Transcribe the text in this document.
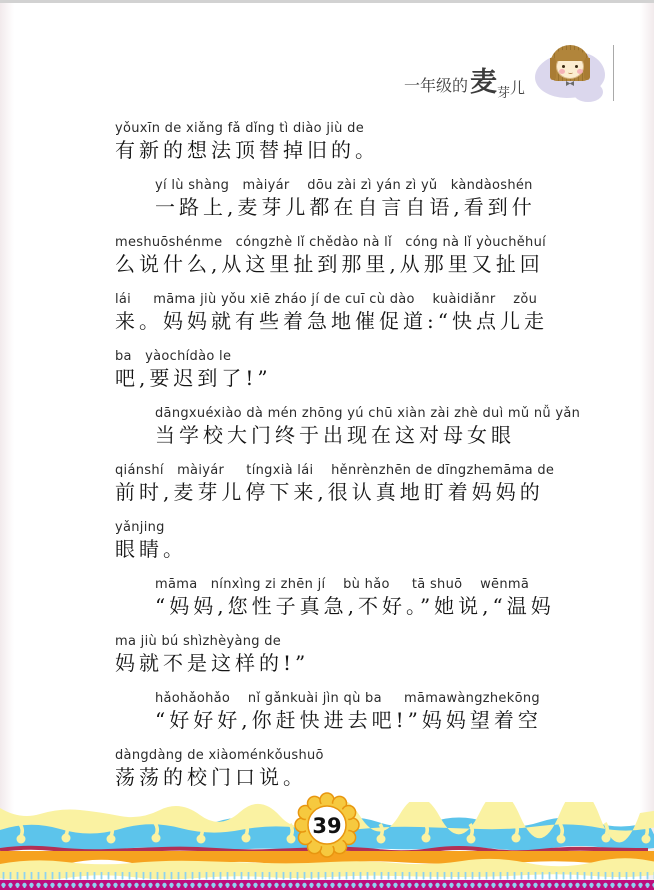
一年级的麦$_芽$儿
yǒuxīn de xiǎng fǎ dǐng tì diào jiù de
有新的想法顶替掉旧的。
yí lù shàng   màiyár    dōu zài zì yán zì yǔ   kàndàoshén
一路上,麦芽儿都在自言自语,看到什
meshuōshénme   cóngzhè lǐ chědào nà lǐ   cóng nà lǐ yòuchěhuí
么说什么,从这里扯到那里,从那里又扯回
lái     māma jiù yǒu xiē zháo jí de cuī cù dào    kuàidiǎnr    zǒu
来。妈妈就有些着急地催促道:“快点儿走
ba   yàochídào le
吧,要迟到了!”
dāngxuéxiào dà mén zhōng yú chū xiàn zài zhè duì mǔ nǚ yǎn
当学校大门终于出现在这对母女眼
qiánshí   màiyár     tíngxià lái    hěnrènzhēn de dīngzhemāma de
前时,麦芽儿停下来,很认真地盯着妈妈的
yǎnjing
眼睛。
māma   nínxìng zi zhēn jí    bù hǎo     tā shuō    wēnmā
“妈妈,您性子真急,不好。”她说,“温妈
ma jiù bú shìzhèyàng de
妈就不是这样的!”
hǎohǎohǎo    nǐ gǎnkuài jìn qù ba     māmawàngzhekōng
“好好好,你赶快进去吧!”妈妈望着空
dàngdàng de xiàoménkǒushuō
荡荡的校门口说。
39
